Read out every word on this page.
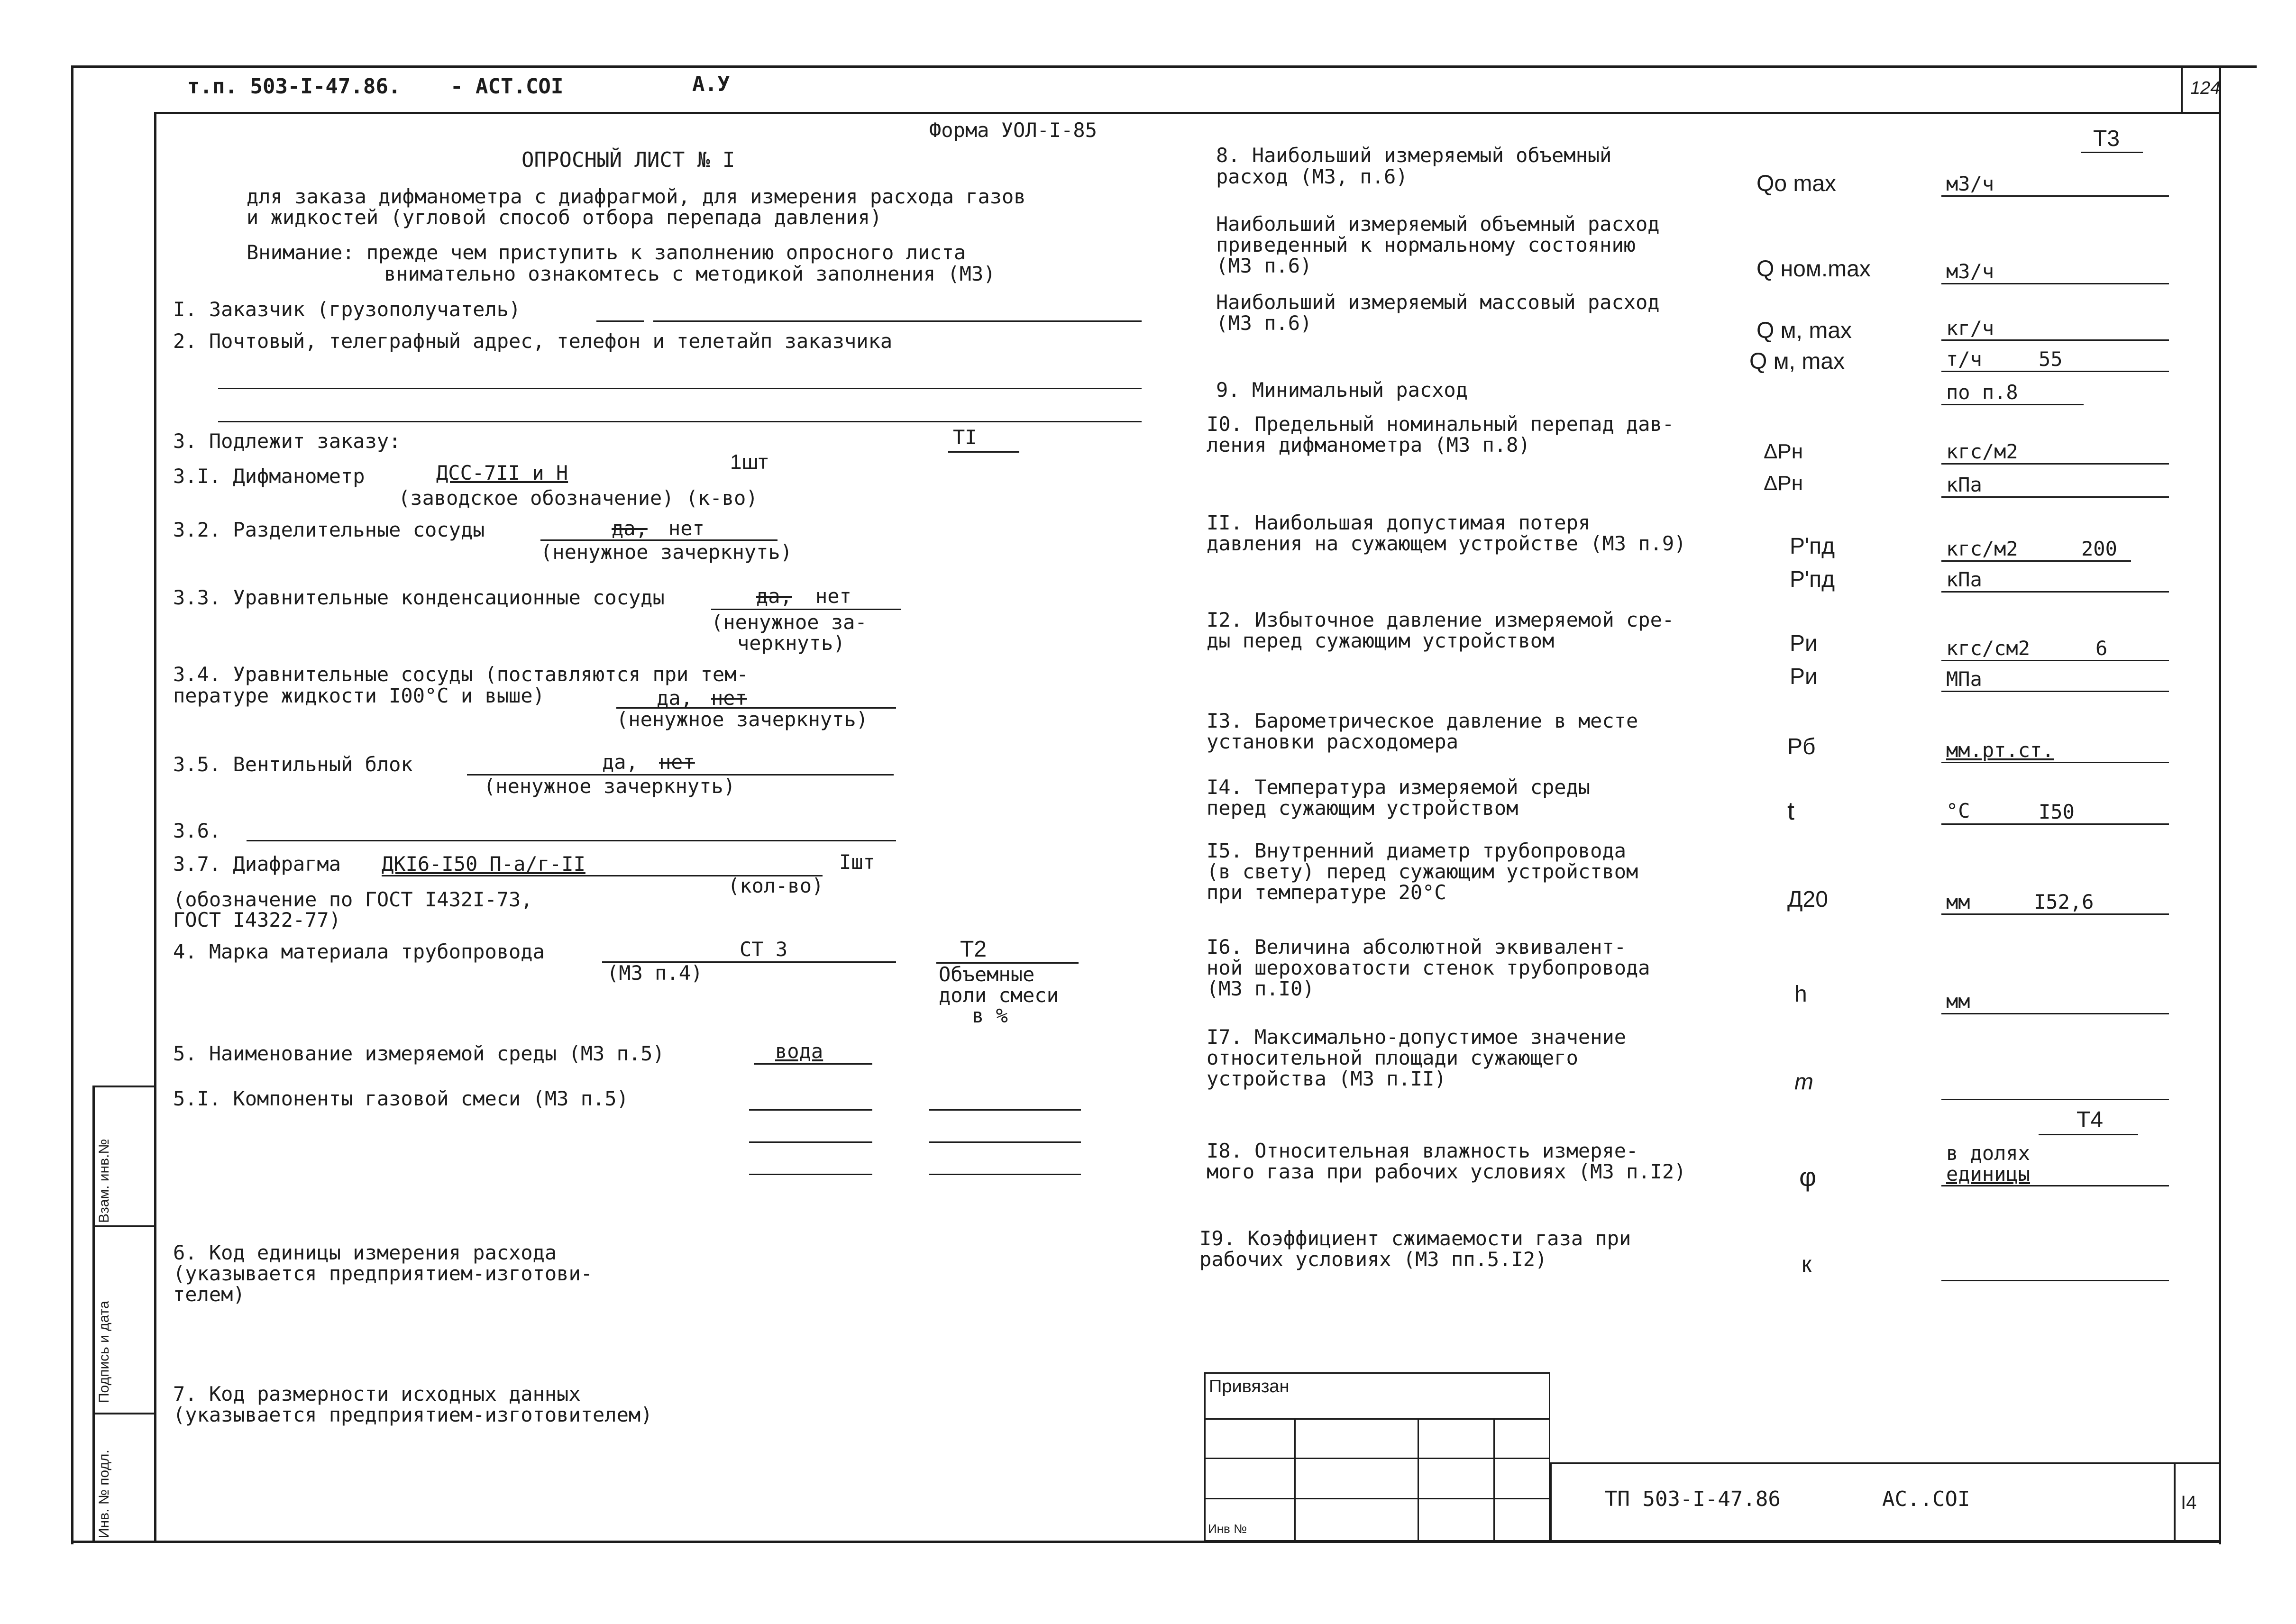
Взам. инв.№
Подпись и дата
Инв. № подл.
т.п. 503-I-47.86. - АСТ.COI	А.У	124
Форма УОЛ-I-85
ОПРОСНЫЙ ЛИСТ № I
для заказа дифманометра с диафрагмой, для измерения расхода газов
и жидкостей (угловой способ отбора перепада давления)
Внимание: прежде чем приступить к заполнению опросного листа
внимательно ознакомтесь с методикой заполнения (МЗ)
I. Заказчик (грузополучатель)
2. Почтовый, телеграфный адрес, телефон и телетайп заказчика
3. Подлежит заказу:	TI
3.I. Дифманометр	ДСС-7II и Н	1шт
(заводское обозначение) (к-во)
3.2. Разделительные сосуды	да, нет
(ненужное зачеркнуть)
3.3. Уравнительные конденсационные сосуды	да, нет
(ненужное за-
черкнуть)
3.4. Уравнительные сосуды (поставляются при тем-
пературе жидкости I00°С и выше)	да, нет
(ненужное зачеркнуть)
3.5. Вентильный блок	да, нет
(ненужное зачеркнуть)
3.6.
3.7. Диафрагма ДКI6-I50 П-а/г-II	Iшт
(кол-во)
(обозначение по ГОСТ I432I-73,
ГОСТ I4322-77)
4. Марка материала трубопровода	СТ 3
(МЗ п.4)
T2
Объемные
доли смеси
в %
5. Наименование измеряемой среды (МЗ п.5)	вода
5.I. Компоненты газовой смеси (МЗ п.5)
6. Код единицы измерения расхода
(указывается предприятием-изготови-
телем)
7. Код размерности исходных данных
(указывается предприятием-изготовителем)
T3
8. Наибольший измеряемый объемный
расход (МЗ, п.6)	Qо max	м3/ч
Наибольший измеряемый объемный расход
приведенный к нормальному состоянию
(МЗ п.6)	Q ном.max	м3/ч
Наибольший измеряемый массовый расход
(МЗ п.6)	Q м, max	кг/ч
Q м, max	т/ч	55
9. Минимальный расход	по п.8
I0. Предельный номинальный перепад дав-
ления дифманометра (МЗ п.8)	ΔPн	кгс/м2
ΔPн	кПа
II. Наибольшая допустимая потеря
давления на сужающем устройстве (МЗ п.9)	P'пд	кгс/м2	200
P'пд	кПа
I2. Избыточное давление измеряемой сре-
ды перед сужающим устройством	Pи	кгс/см2	6
Pи	МПа
I3. Барометрическое давление в месте
установки расходомера	Pб	мм.рт.ст.
I4. Температура измеряемой среды
перед сужающим устройством	t	°С	I50
I5. Внутренний диаметр трубопровода
(в свету) перед сужающим устройством
при температуре 20°С	Д20	мм	I52,6
I6. Величина абсолютной эквивалент-
ной шероховатости стенок трубопровода
(МЗ п.I0)	h	мм
I7. Максимально-допустимое значение
относительной площади сужающего
устройства (МЗ п.II)	m
T4
I8. Относительная влажность измеряе-
мого газа при рабочих условиях (МЗ п.I2)	φ
в долях
единицы
I9. Коэффициент сжимаемости газа при
рабочих условиях (МЗ пп.5.I2)	к
Привязан
Инв №
ТП 503-I-47.86	АС..COI	I4
